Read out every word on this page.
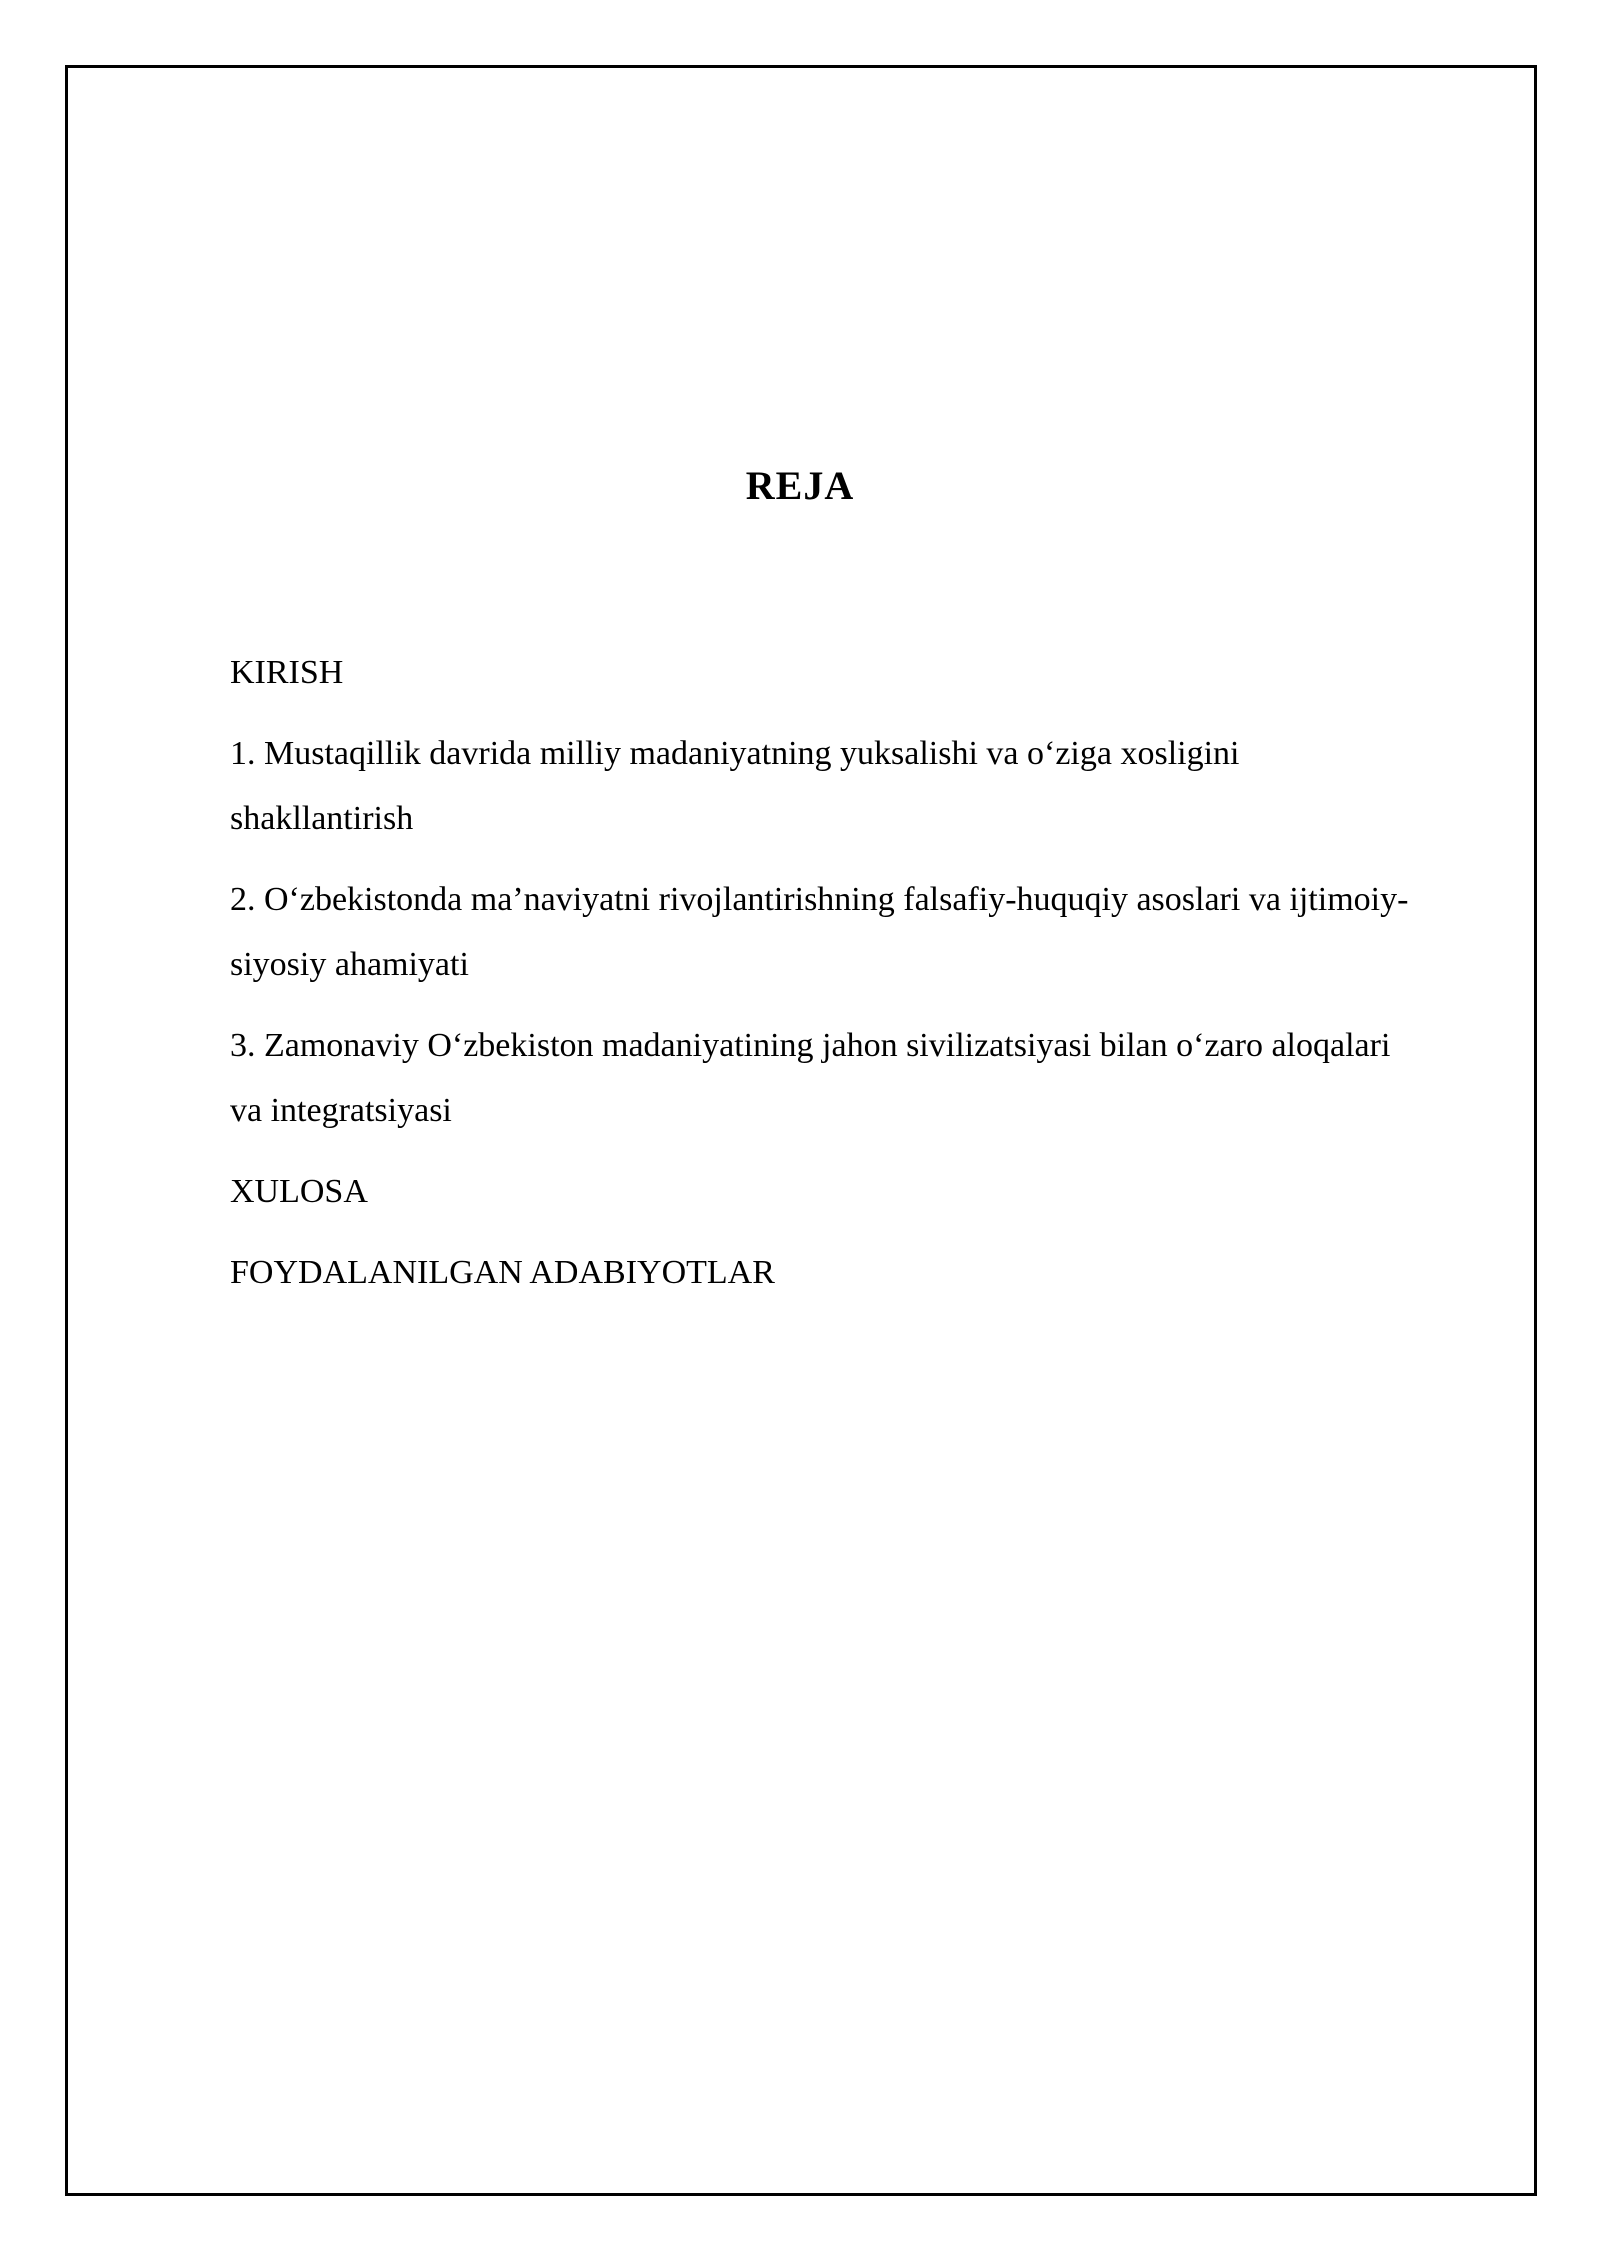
REJA

KIRISH

1. Mustaqillik davrida milliy madaniyatning yuksalishi va o‘ziga xosligini shakllantirish

2. O‘zbekistonda ma’naviyatni rivojlantirishning falsafiy-huquqiy asoslari va ijtimoiy-siyosiy ahamiyati

3. Zamonaviy O‘zbekiston madaniyatining jahon sivilizatsiyasi bilan o‘zaro aloqalari va integratsiyasi

XULOSA

FOYDALANILGAN ADABIYOTLAR
